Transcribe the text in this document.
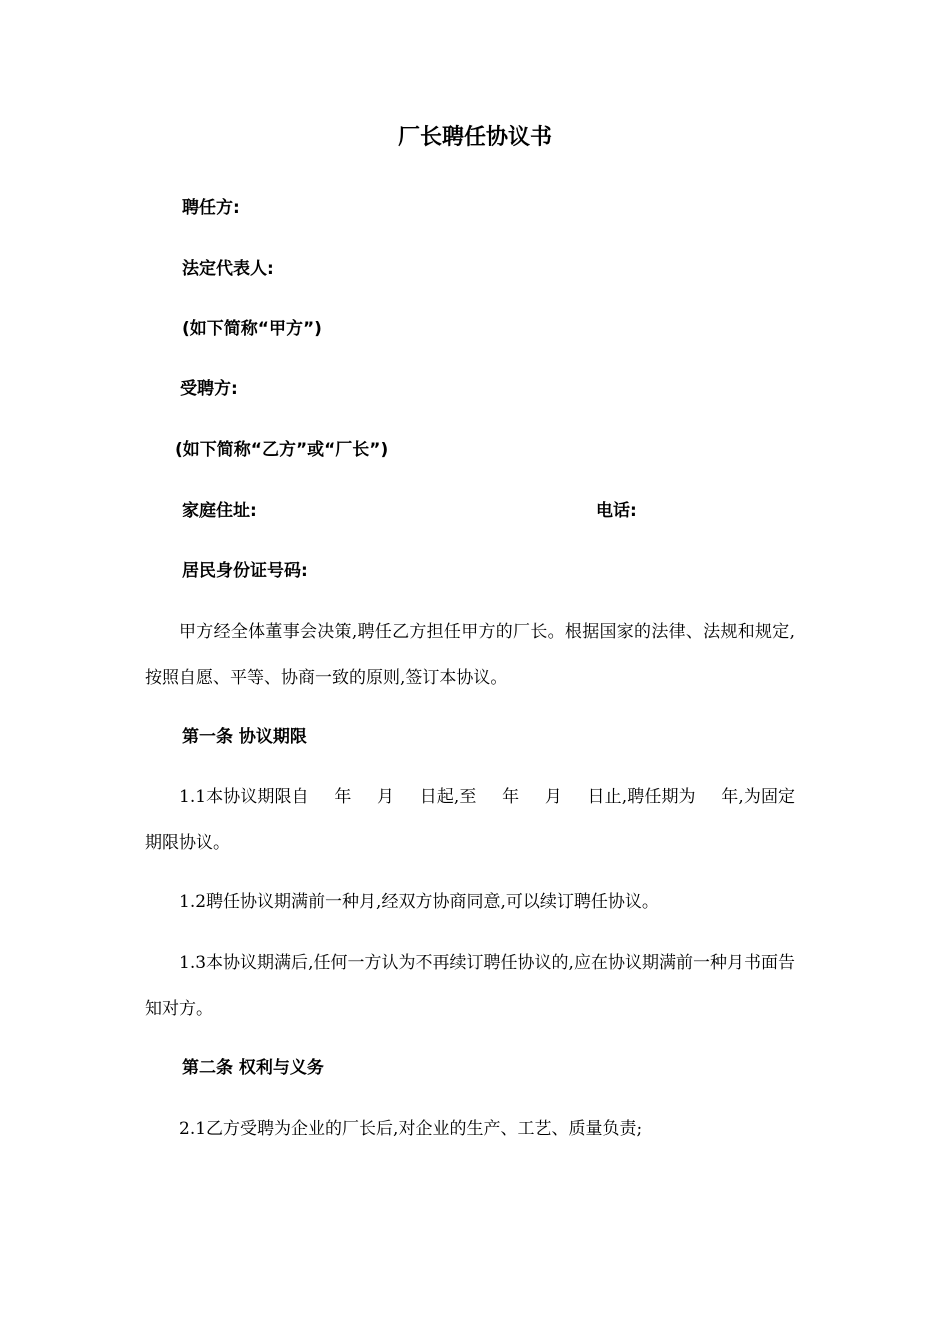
厂长聘任协议书
聘任方:
法定代表人:
(如下简称“甲方”)
受聘方:
(如下简称“乙方”或“厂长”)
家庭住址:	电话:
居民身份证号码:
甲方经全体董事会决策,聘任乙方担任甲方的厂长。根据国家的法律、法规和规定,按照自愿、平等、协商一致的原则,签订本协议。
第一条 协议期限
1.1本协议期限自 年 月 日起,至 年 月 日止,聘任期为 年,为固定期限协议。
1.2聘任协议期满前一种月,经双方协商同意,可以续订聘任协议。
1.3本协议期满后,任何一方认为不再续订聘任协议的,应在协议期满前一种月书面告知对方。
第二条 权利与义务
2.1乙方受聘为企业的厂长后,对企业的生产、工艺、质量负责;
